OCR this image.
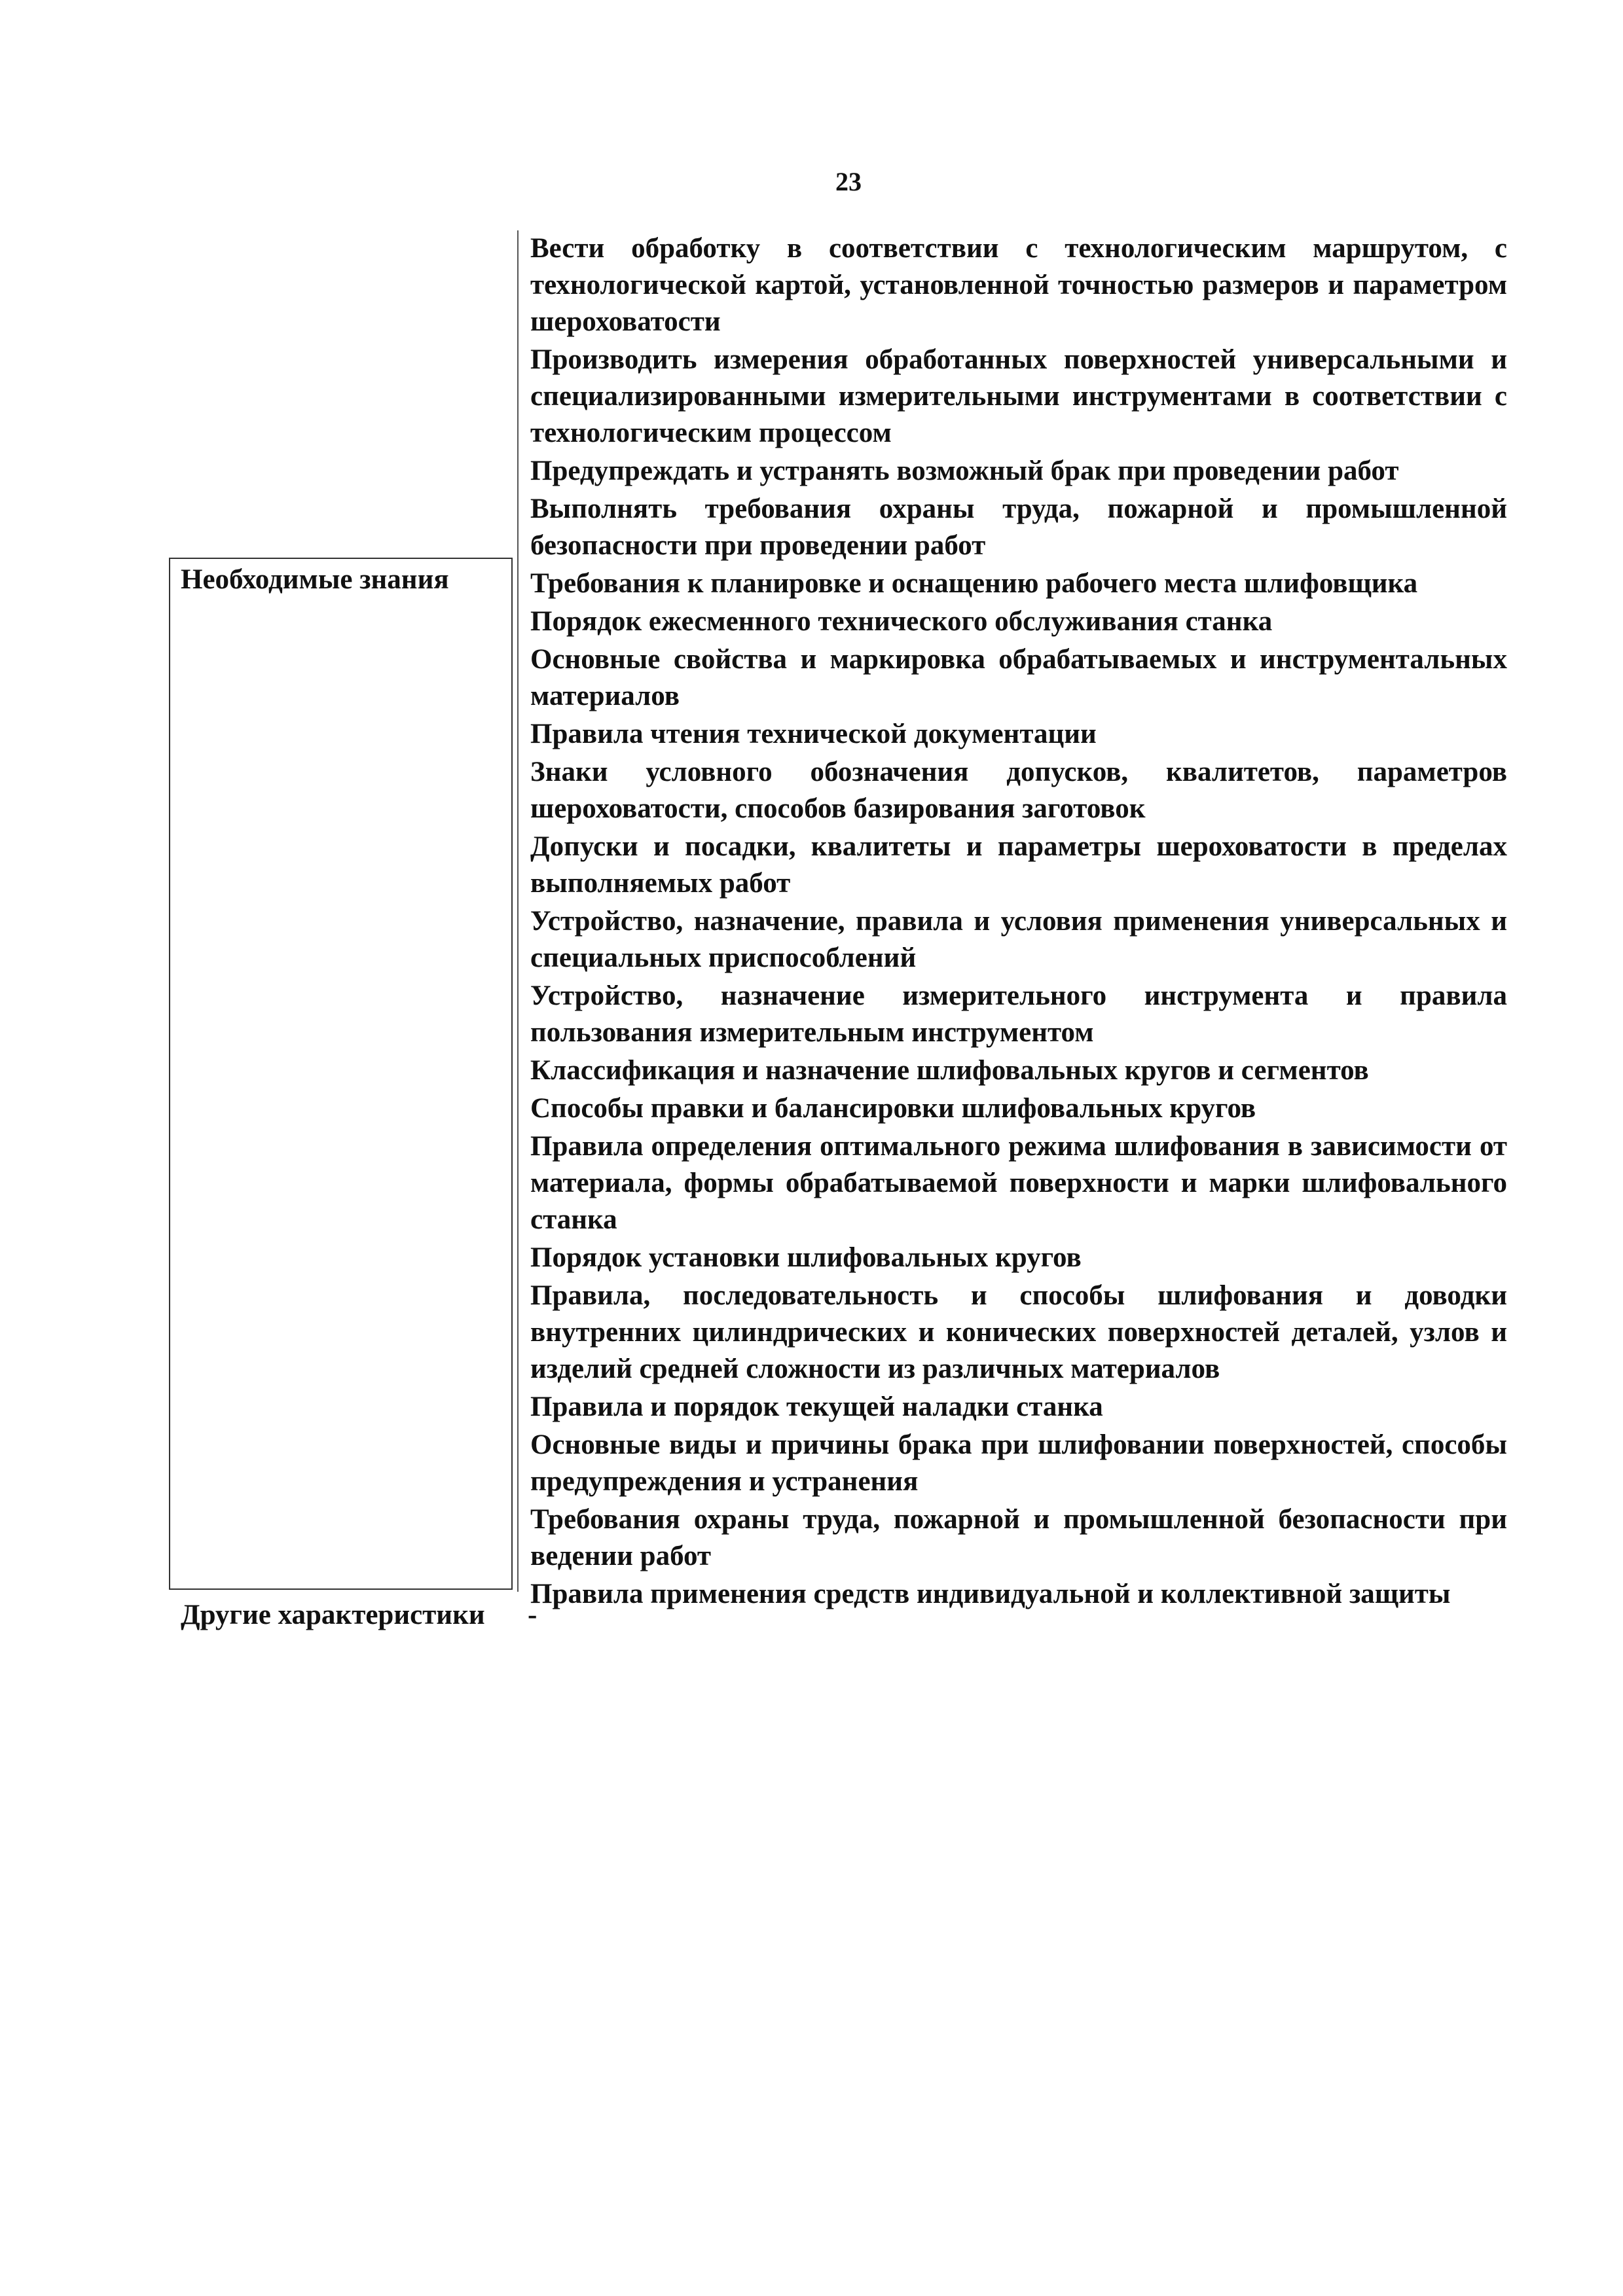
23
Необходимые знания
Другие характеристики -
Вести обработку в соответствии с технологическим маршрутом, с технологической картой, установленной точностью размеров и параметром шероховатости
Производить измерения обработанных поверхностей универсальными и специализированными измерительными инструментами в соответствии с технологическим процессом
Предупреждать и устранять возможный брак при проведении работ
Выполнять требования охраны труда, пожарной и промышленной безопасности при проведении работ
Требования к планировке и оснащению рабочего места шлифовщика
Порядок ежесменного технического обслуживания станка
Основные свойства и маркировка обрабатываемых и инструментальных материалов
Правила чтения технической документации
Знаки условного обозначения допусков, квалитетов, параметров шероховатости, способов базирования заготовок
Допуски и посадки, квалитеты и параметры шероховатости в пределах выполняемых работ
Устройство, назначение, правила и условия применения универсальных и специальных приспособлений
Устройство, назначение измерительного инструмента и правила пользования измерительным инструментом
Классификация и назначение шлифовальных кругов и сегментов
Способы правки и балансировки шлифовальных кругов
Правила определения оптимального режима шлифования в зависимости от материала, формы обрабатываемой поверхности и марки шлифовального станка
Порядок установки шлифовальных кругов
Правила, последовательность и способы шлифования и доводки внутренних цилиндрических и конических поверхностей деталей, узлов и изделий средней сложности из различных материалов
Правила и порядок текущей наладки станка
Основные виды и причины брака при шлифовании поверхностей, способы предупреждения и устранения
Требования охраны труда, пожарной и промышленной безопасности при ведении работ
Правила применения средств индивидуальной и коллективной защиты
